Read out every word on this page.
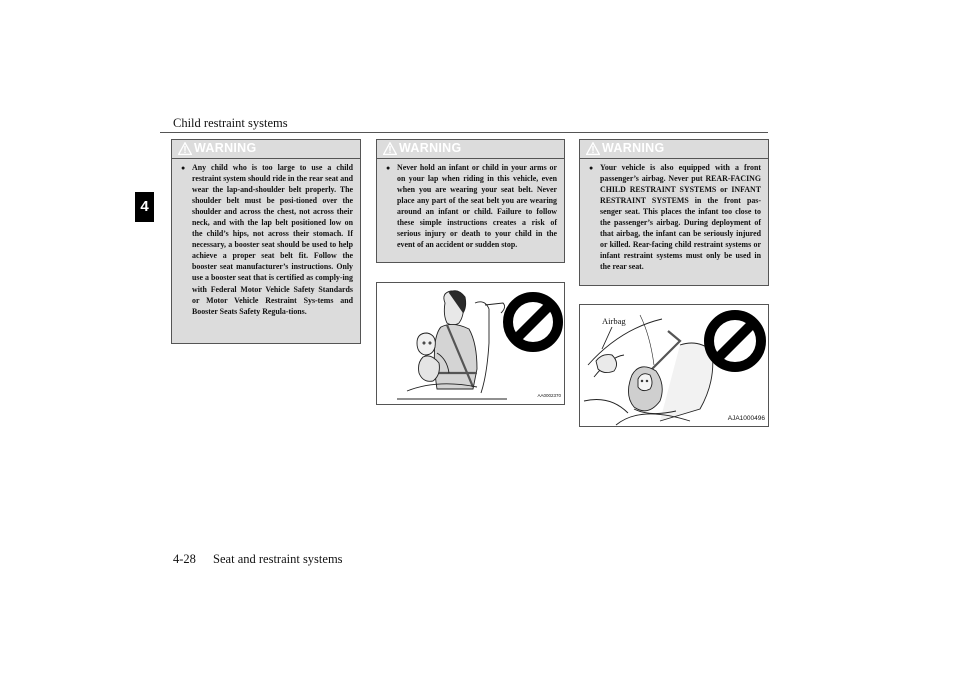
Child restraint systems
4
WARNING
● Any child who is too large to use a child restraint system should ride in the rear seat and wear the lap-and-shoulder belt properly. The shoulder belt must be posi-tioned over the shoulder and across the chest, not across their neck, and with the lap belt positioned low on the child’s hips, not across their stomach. If necessary, a booster seat should be used to help achieve a proper seat belt fit. Follow the booster seat manufacturer’s instructions. Only use a booster seat that is certified as comply-ing with Federal Motor Vehicle Safety Standards or Motor Vehicle Restraint Sys-tems and Booster Seats Safety Regula-tions.
WARNING
● Never hold an infant or child in your arms or on your lap when riding in this vehicle, even when you are wearing your seat belt. Never place any part of the seat belt you are wearing around an infant or child. Failure to follow these simple instructions creates a risk of serious injury or death to your child in the event of an accident or sudden stop.
WARNING
● Your vehicle is also equipped with a front passenger’s airbag. Never put REAR-FACING CHILD RESTRAINT SYSTEMS or INFANT RESTRAINT SYSTEMS in the front pas-senger seat. This places the infant too close to the passenger’s airbag. During deployment of that airbag, the infant can be seriously injured or killed. Rear-facing child restraint systems or infant restraint systems must only be used in the rear seat.
AA0002370
Airbag
AJA1000496
4-28 Seat and restraint systems
